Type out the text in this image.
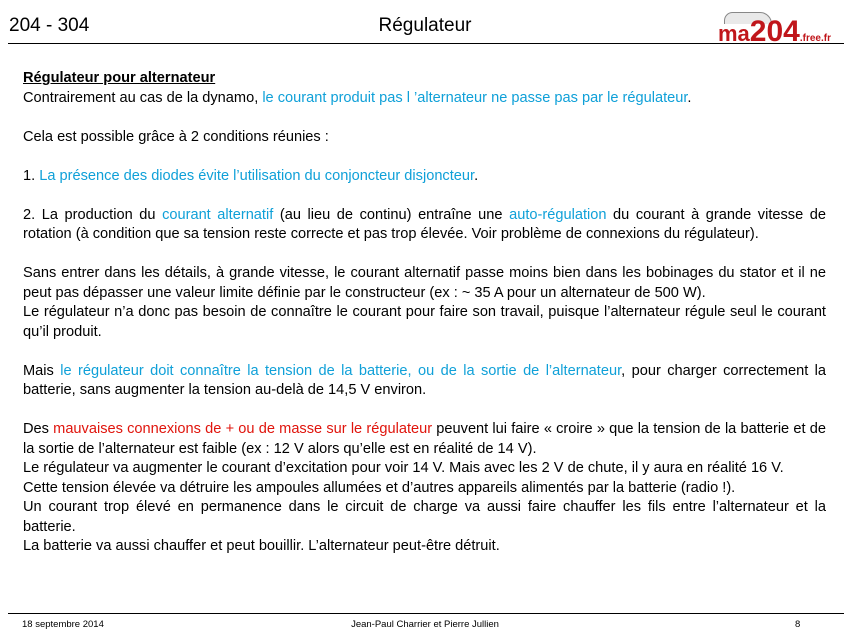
204 - 304	Régulateur	ma204.free.fr

Régulateur pour alternateur

Contrairement au cas de la dynamo, le courant produit pas l ’alternateur ne passe pas par le régulateur.

Cela est possible grâce à 2 conditions réunies :

1. La présence des diodes évite l’utilisation du conjoncteur disjoncteur.

2. La production du courant alternatif (au lieu de continu) entraîne une auto-régulation du courant à grande vitesse de rotation (à condition que sa tension reste correcte et pas trop élevée. Voir problème de connexions du régulateur).

Sans entrer dans les détails, à grande vitesse, le courant alternatif passe moins bien dans les bobinages du stator et il ne peut pas dépasser une valeur limite définie par le constructeur (ex : ~ 35 A pour un alternateur de 500 W).

Le régulateur n’a donc pas besoin de connaître le courant pour faire son travail, puisque l’alternateur régule seul le courant qu’il produit.

Mais le régulateur doit connaître la tension de la batterie, ou de la sortie de l’alternateur, pour charger correctement la batterie, sans augmenter la tension au-delà de 14,5 V environ.

Des mauvaises connexions de + ou de masse sur le régulateur peuvent lui faire « croire » que la tension de la batterie et de la sortie de l’alternateur est faible (ex : 12 V alors qu’elle est en réalité de 14 V).

Le régulateur va augmenter le courant d’excitation pour voir 14 V. Mais avec les 2 V de chute, il y aura en réalité 16 V.

Cette tension élevée va détruire les ampoules allumées et d’autres appareils alimentés par la batterie (radio !).

Un courant trop élevé en permanence dans le circuit de charge va aussi faire chauffer les fils entre l’alternateur et la batterie.

La batterie va aussi chauffer et peut bouillir. L’alternateur peut-être détruit.

18 septembre 2014	Jean-Paul Charrier et Pierre Jullien	8
